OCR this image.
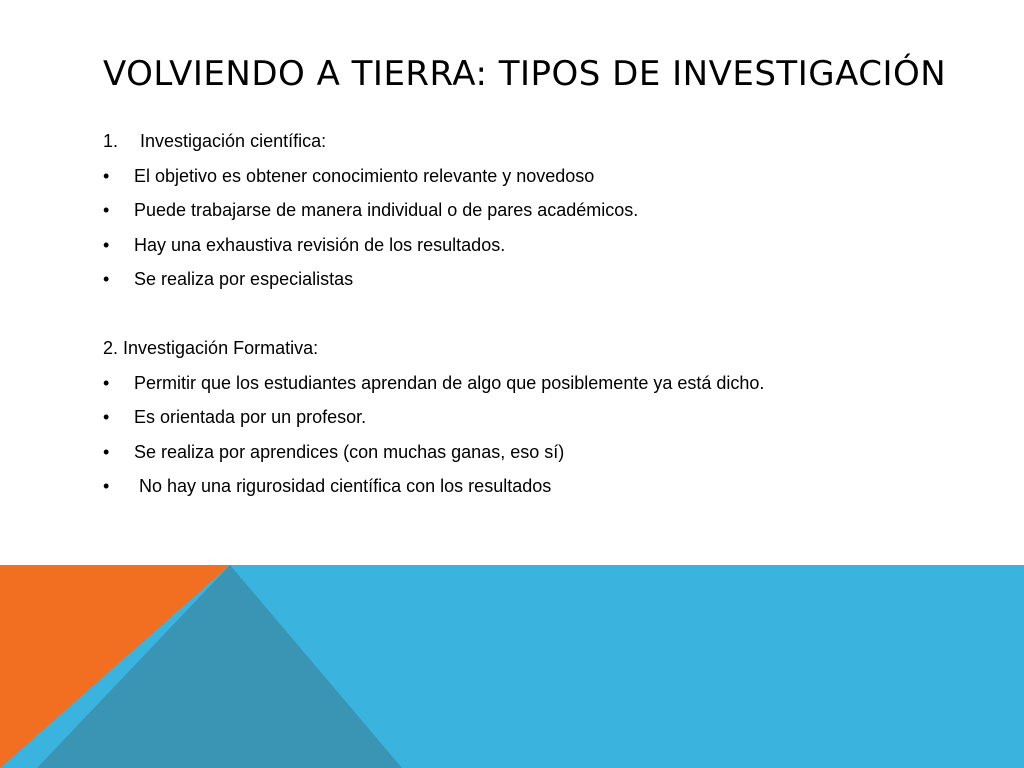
VOLVIENDO A TIERRA: TIPOS DE INVESTIGACIÓN
1. Investigación científica:
• El objetivo es obtener conocimiento relevante y novedoso
• Puede trabajarse de manera individual o de pares académicos.
• Hay una exhaustiva revisión de los resultados.
• Se realiza por especialistas
2. Investigación Formativa:
• Permitir que los estudiantes aprendan de algo que posiblemente ya está dicho.
• Es orientada por un profesor.
• Se realiza por aprendices (con muchas ganas, eso sí)
• No hay una rigurosidad científica con los resultados
